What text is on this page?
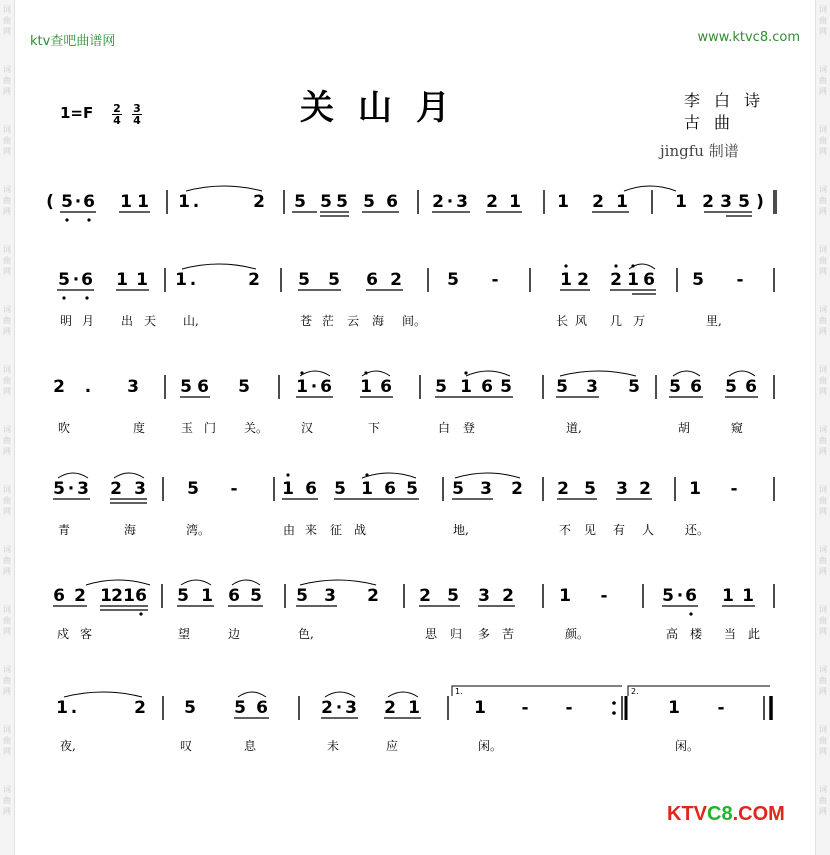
词
曲
网
词
曲
网
词
曲
网
词
曲
网
词
曲
网
词
曲
网
词
曲
网
词
曲
网
词
曲
网
词
曲
网
词
曲
网
词
曲
网
词
曲
网
词
曲
网
词
曲
网
词
曲
网
词
曲
网
词
曲
网
词
曲
网
词
曲
网
词
曲
网
词
曲
网
词
曲
网
词
曲
网
词
曲
网
词
曲
网
词
曲
网
词
曲
网
ktv查吧曲谱网	www.ktvc8.com
关山月
$1=F \frac{2}{4} \frac{3}{4}$
李白诗
古曲
jingfu 制谱
1.	2.
( 5 · 6 1 1 1 .	2 5 5 5 5 6 2 · 3 2 1 1 2 1	1 2 3 5 )
5 · 6 1 1 1 .	2 5 5 6 2	5 -	1 2 2 1 6 5 -
明 月 出 天 山,	苍 茫 云 海 间。	长 风 几 万	里,
2 . 3 5 6 5	1 · 6 1 6	5 1 6 5	5 3 5 5 6 5 6
吹	度	玉 门 关。	汉	下	白 登	道,	胡	窥
5 · 3 2 3 5 -	1 6 5 1 6 5 5 3 2 2 5 3 2 1 -
青	海	湾。	由 来 征 战	地,	不 见 有 人	还。
6 2 1 2 1 6 5 1 6 5 5 3 2 2 5 3 2	1 -	5 · 6 1 1
戍 客	望	边	色,	思 归 多 苦	颜。	高 楼 当 此
1 .	2 5 5 6	2 · 3 2 1	1 - -	1 -
夜,	叹	息	未	应	闲。	闲。
KTVC8.COM
